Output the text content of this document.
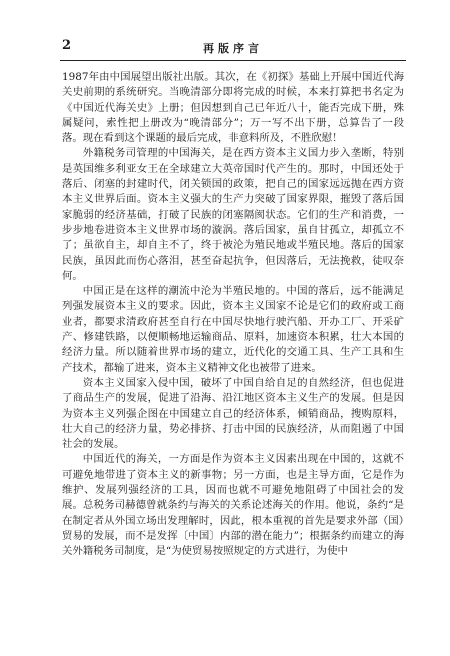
2	再版序言

1987年由中国展望出版社出版。其次，在《初探》基础上开展中国近代海关史前期的系统研究。当晚清部分即将完成的时候，本来打算把书名定为《中国近代海关史》上册；但因想到自己已年近八十，能否完成下册，殊属疑问，索性把上册改为“晚清部分”；万一写不出下册，总算告了一段落。现在看到这个课题的最后完成，非意料所及，不胜欣慰！

外籍税务司管理的中国海关，是在西方资本主义国力步入垄断，特别是英国维多利亚女王在全球建立大英帝国时代产生的。那时，中国还处于落后、闭塞的封建时代，闭关锁国的政策，把自己的国家远远抛在西方资本主义世界后面。资本主义强大的生产力突破了国家界限，摧毁了落后国家脆弱的经济基础，打破了民族的闭塞隔阂状态。它们的生产和消费，一步步地卷进资本主义世界市场的漩涡。落后国家，虽自甘孤立，却孤立不了；虽欲自主，却自主不了，终于被沦为殖民地或半殖民地。落后的国家民族，虽因此而伤心落泪，甚至奋起抗争，但因落后，无法挽救，徒叹奈何。

中国正是在这样的潮流中沦为半殖民地的。中国的落后，远不能满足列强发展资本主义的要求。因此，资本主义国家不论是它们的政府或工商业者，都要求清政府甚至自行在中国尽快地行驶汽船、开办工厂、开采矿产、修建铁路，以便顺畅地运输商品、原料，加速资本积累，壮大本国的经济力量。所以随着世界市场的建立，近代化的交通工具、生产工具和生产技术，都输了进来，资本主义精神文化也被带了进来。

资本主义国家入侵中国，破坏了中国自给自足的自然经济，但也促进了商品生产的发展，促进了沿海、沿江地区资本主义生产的发展。但是因为资本主义列强企图在中国建立自己的经济体系，倾销商品，搜购原料，壮大自己的经济力量，势必排挤、打击中国的民族经济，从而阻遏了中国社会的发展。

中国近代的海关，一方面是作为资本主义因素出现在中国的，这就不可避免地带进了资本主义的新事物；另一方面，也是主导方面，它是作为维护、发展列强经济的工具，因而也就不可避免地阻碍了中国社会的发展。总税务司赫德曾就条约与海关的关系论述海关的作用。他说，条约“是在制定者从外国立场出发理解时，因此，根本重视的首先是要求外部（国）贸易的发展，而不是发挥〔中国〕内部的潜在能力”；根据条约而建立的海关外籍税务司制度，是“为使贸易按照规定的方式进行，为使中
